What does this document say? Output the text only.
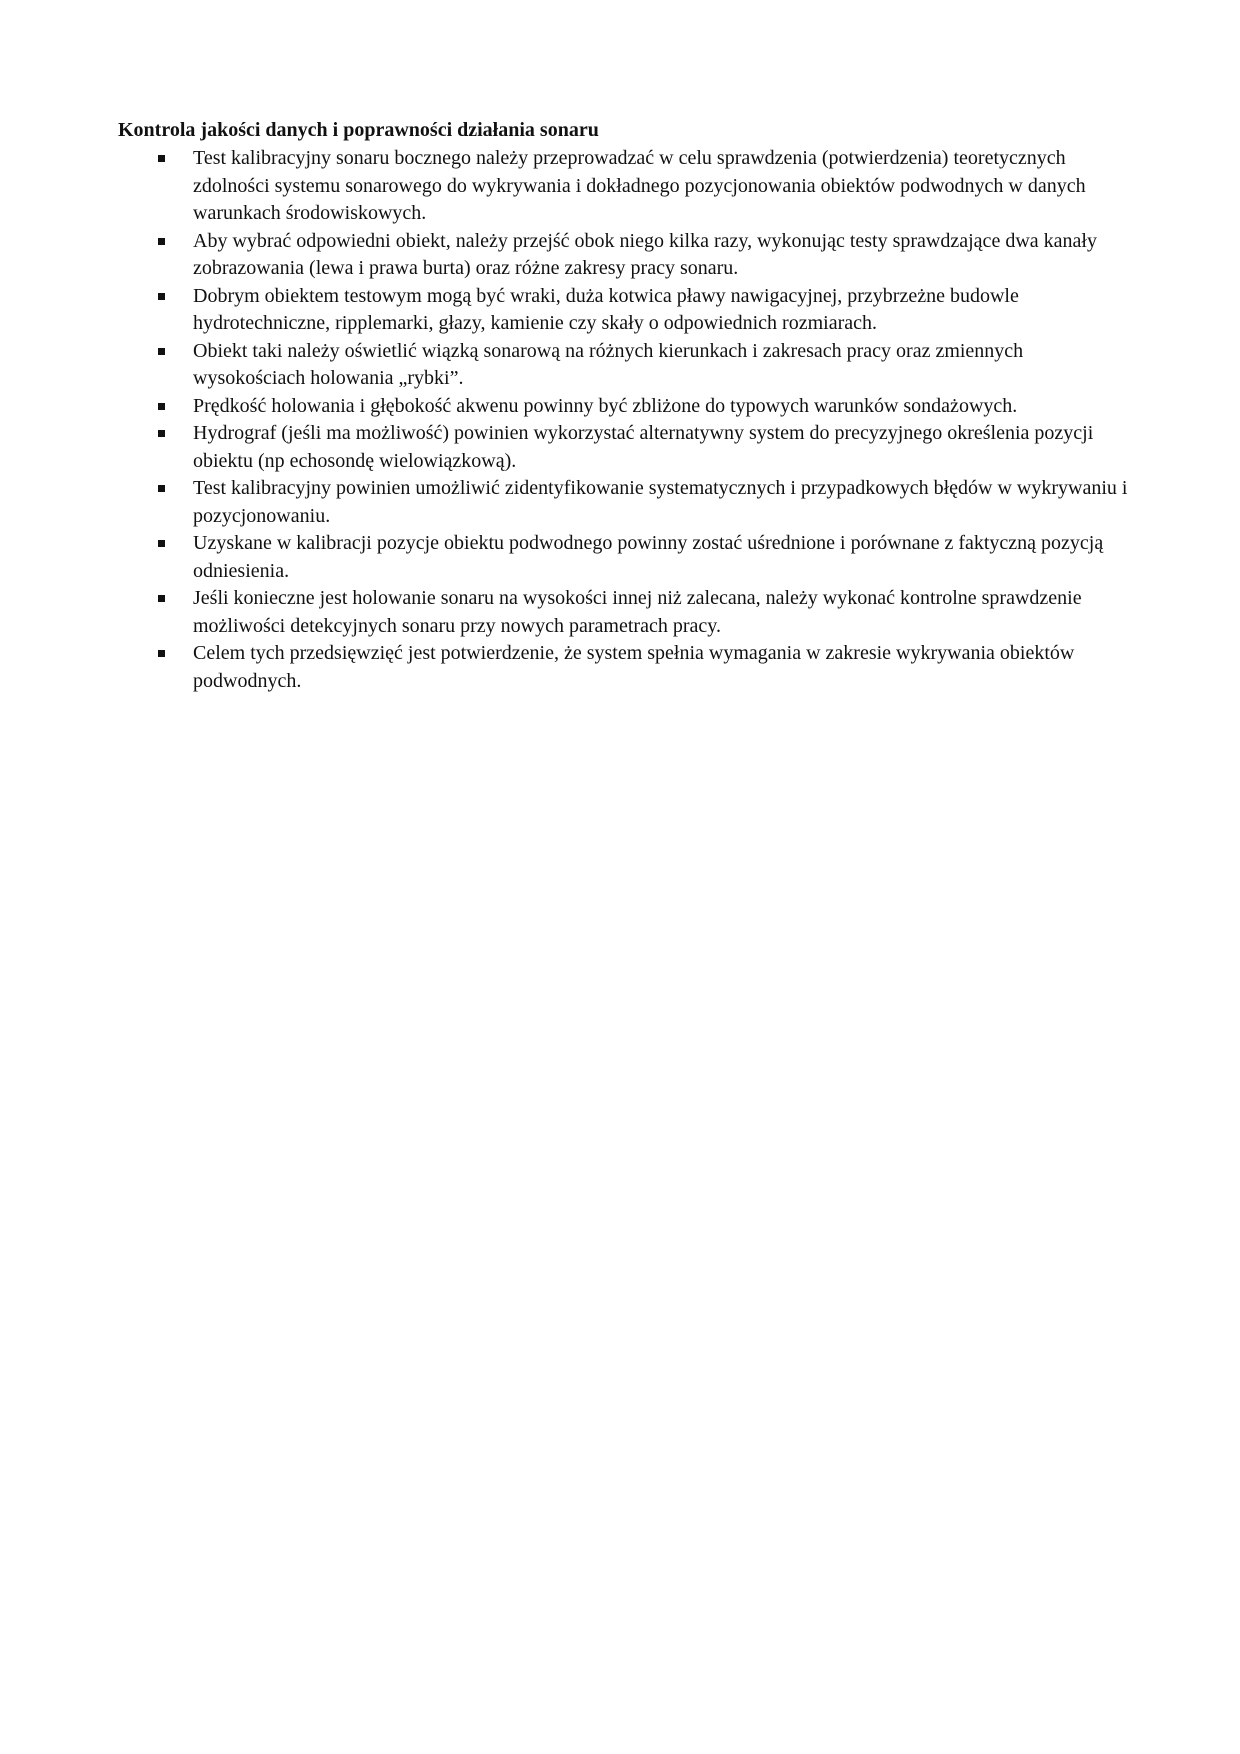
Kontrola jakości danych i poprawności działania sonaru
Test kalibracyjny sonaru bocznego należy przeprowadzać w celu sprawdzenia (potwierdzenia) teoretycznych zdolności systemu sonarowego do wykrywania i dokładnego pozycjonowania obiektów podwodnych w danych warunkach środowiskowych.
Aby wybrać odpowiedni obiekt, należy przejść obok niego kilka razy, wykonując testy sprawdzające dwa kanały zobrazowania (lewa i prawa burta) oraz różne zakresy pracy sonaru.
Dobrym obiektem testowym mogą być wraki, duża kotwica pławy nawigacyjnej, przybrzeżne budowle hydrotechniczne, ripplemarki, głazy, kamienie czy skały o odpowiednich rozmiarach.
Obiekt taki należy oświetlić wiązką sonarową na różnych kierunkach i zakresach pracy oraz zmiennych wysokościach holowania „rybki”.
Prędkość holowania i głębokość akwenu powinny być zbliżone do typowych warunków sondażowych.
Hydrograf (jeśli ma możliwość) powinien wykorzystać alternatywny system do precyzyjnego określenia pozycji obiektu (np echosondę wielowiązkową).
Test kalibracyjny powinien umożliwić zidentyfikowanie systematycznych i przypadkowych błędów w wykrywaniu i pozycjonowaniu.
Uzyskane w kalibracji pozycje obiektu podwodnego powinny zostać uśrednione i porównane z faktyczną pozycją odniesienia.
Jeśli konieczne jest holowanie sonaru na wysokości innej niż zalecana, należy wykonać kontrolne sprawdzenie możliwości detekcyjnych sonaru przy nowych parametrach pracy.
Celem tych przedsięwzięć jest potwierdzenie, że system spełnia wymagania w zakresie wykrywania obiektów podwodnych.
